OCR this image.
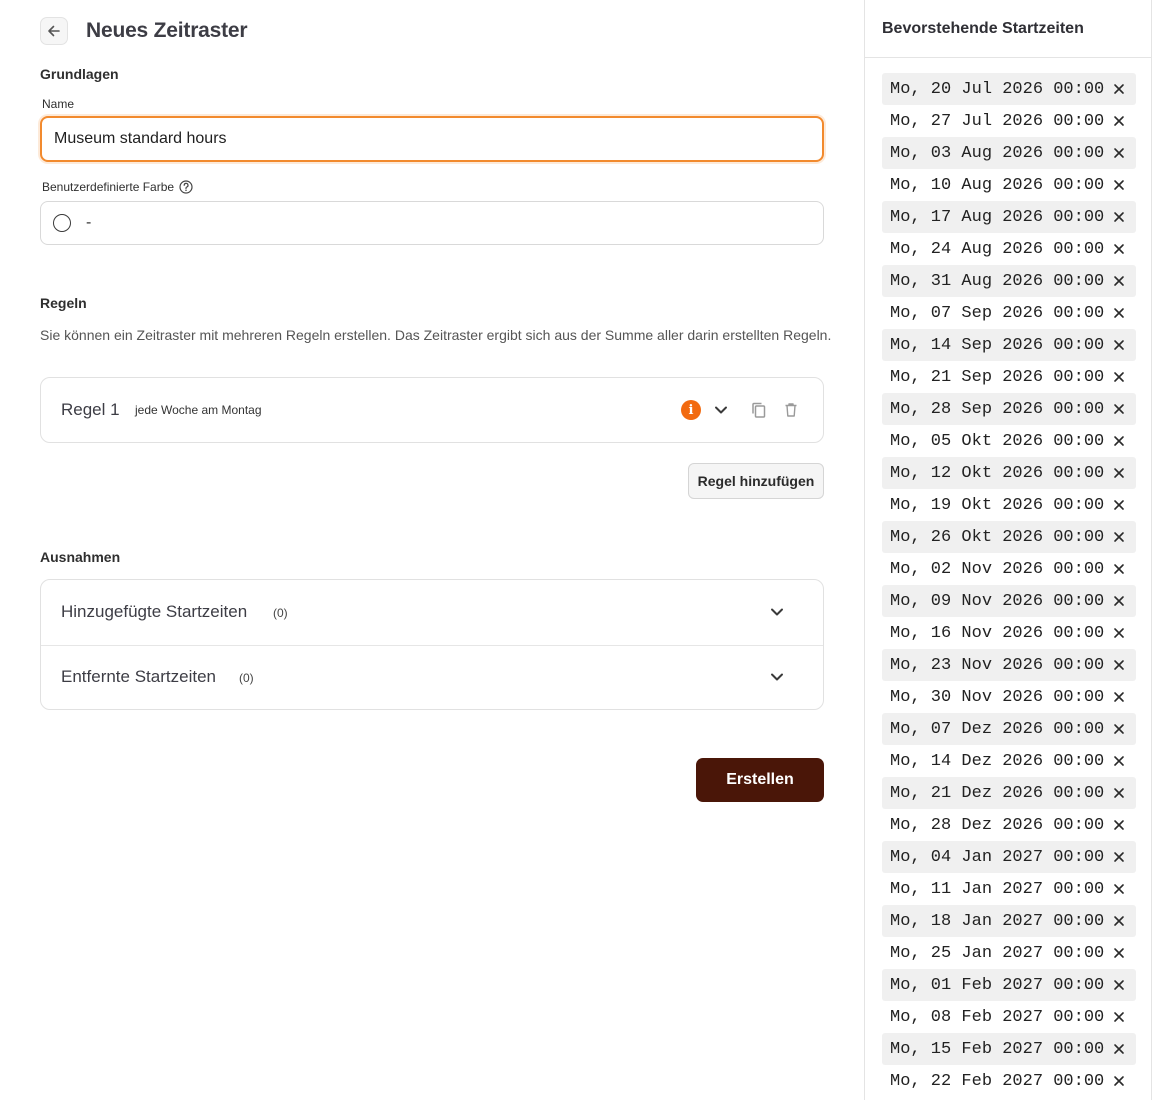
Neues Zeitraster
Grundlagen
Name
Museum standard hours
Benutzerdefinierte Farbe
-
Regeln

Sie können ein Zeitraster mit mehreren Regeln erstellen. Das Zeitraster ergibt sich aus der Summe aller darin erstellten Regeln.

Regel 1 jede Woche am Montag	i
Regel hinzufügen
Ausnahmen
Hinzugefügte Startzeiten (0)
Entfernte Startzeiten (0)
Erstellen
Bevorstehende Startzeiten
Mo, 20 Jul 2026 00:00
Mo, 27 Jul 2026 00:00
Mo, 03 Aug 2026 00:00
Mo, 10 Aug 2026 00:00
Mo, 17 Aug 2026 00:00
Mo, 24 Aug 2026 00:00
Mo, 31 Aug 2026 00:00
Mo, 07 Sep 2026 00:00
Mo, 14 Sep 2026 00:00
Mo, 21 Sep 2026 00:00
Mo, 28 Sep 2026 00:00
Mo, 05 Okt 2026 00:00
Mo, 12 Okt 2026 00:00
Mo, 19 Okt 2026 00:00
Mo, 26 Okt 2026 00:00
Mo, 02 Nov 2026 00:00
Mo, 09 Nov 2026 00:00
Mo, 16 Nov 2026 00:00
Mo, 23 Nov 2026 00:00
Mo, 30 Nov 2026 00:00
Mo, 07 Dez 2026 00:00
Mo, 14 Dez 2026 00:00
Mo, 21 Dez 2026 00:00
Mo, 28 Dez 2026 00:00
Mo, 04 Jan 2027 00:00
Mo, 11 Jan 2027 00:00
Mo, 18 Jan 2027 00:00
Mo, 25 Jan 2027 00:00
Mo, 01 Feb 2027 00:00
Mo, 08 Feb 2027 00:00
Mo, 15 Feb 2027 00:00
Mo, 22 Feb 2027 00:00
